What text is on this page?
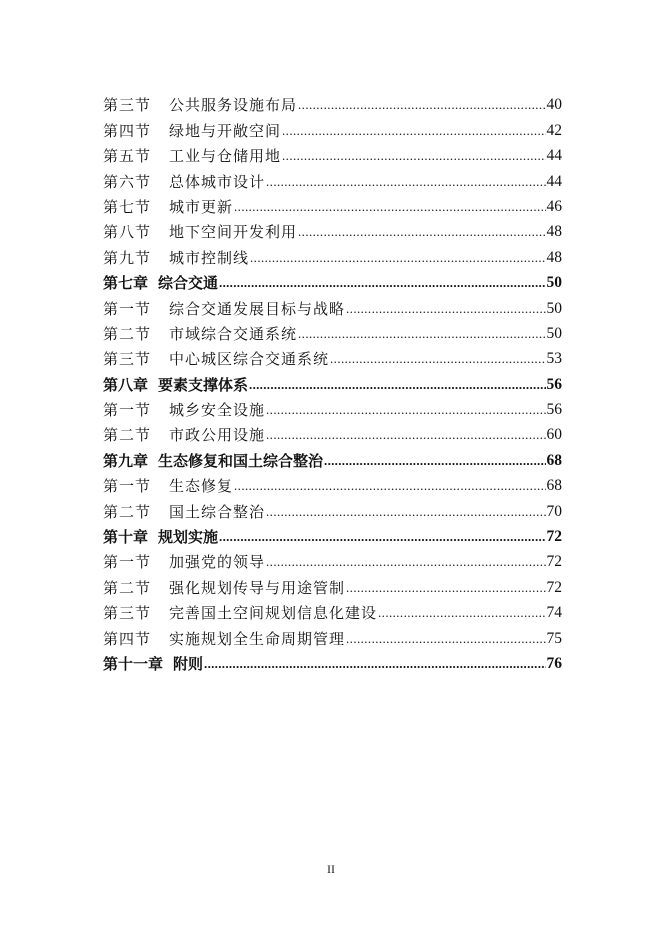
第三节	公共服务设施布局 .....	40
第四节	绿地与开敞空间 .....	42
第五节	工业与仓储用地 .....	44
第六节	总体城市设计 .....	44
第七节	城市更新 .....	46
第八节	地下空间开发利用 .....	48
第九节	城市控制线 .....	48
第七章 综合交通 .....	50
第一节	综合交通发展目标与战略 .....	50
第二节	市域综合交通系统 .....	50
第三节	中心城区综合交通系统 .....	53
第八章 要素支撑体系 .....	56
第一节	城乡安全设施 .....	56
第二节	市政公用设施 .....	60
第九章 生态修复和国土综合整治 .....	68
第一节	生态修复 .....	68
第二节	国土综合整治 .....	70
第十章 规划实施 .....	72
第一节	加强党的领导 .....	72
第二节	强化规划传导与用途管制 .....	72
第三节	完善国土空间规划信息化建设 .....	74
第四节	实施规划全生命周期管理 .....	75
第十一章 附则 .....	76
II
